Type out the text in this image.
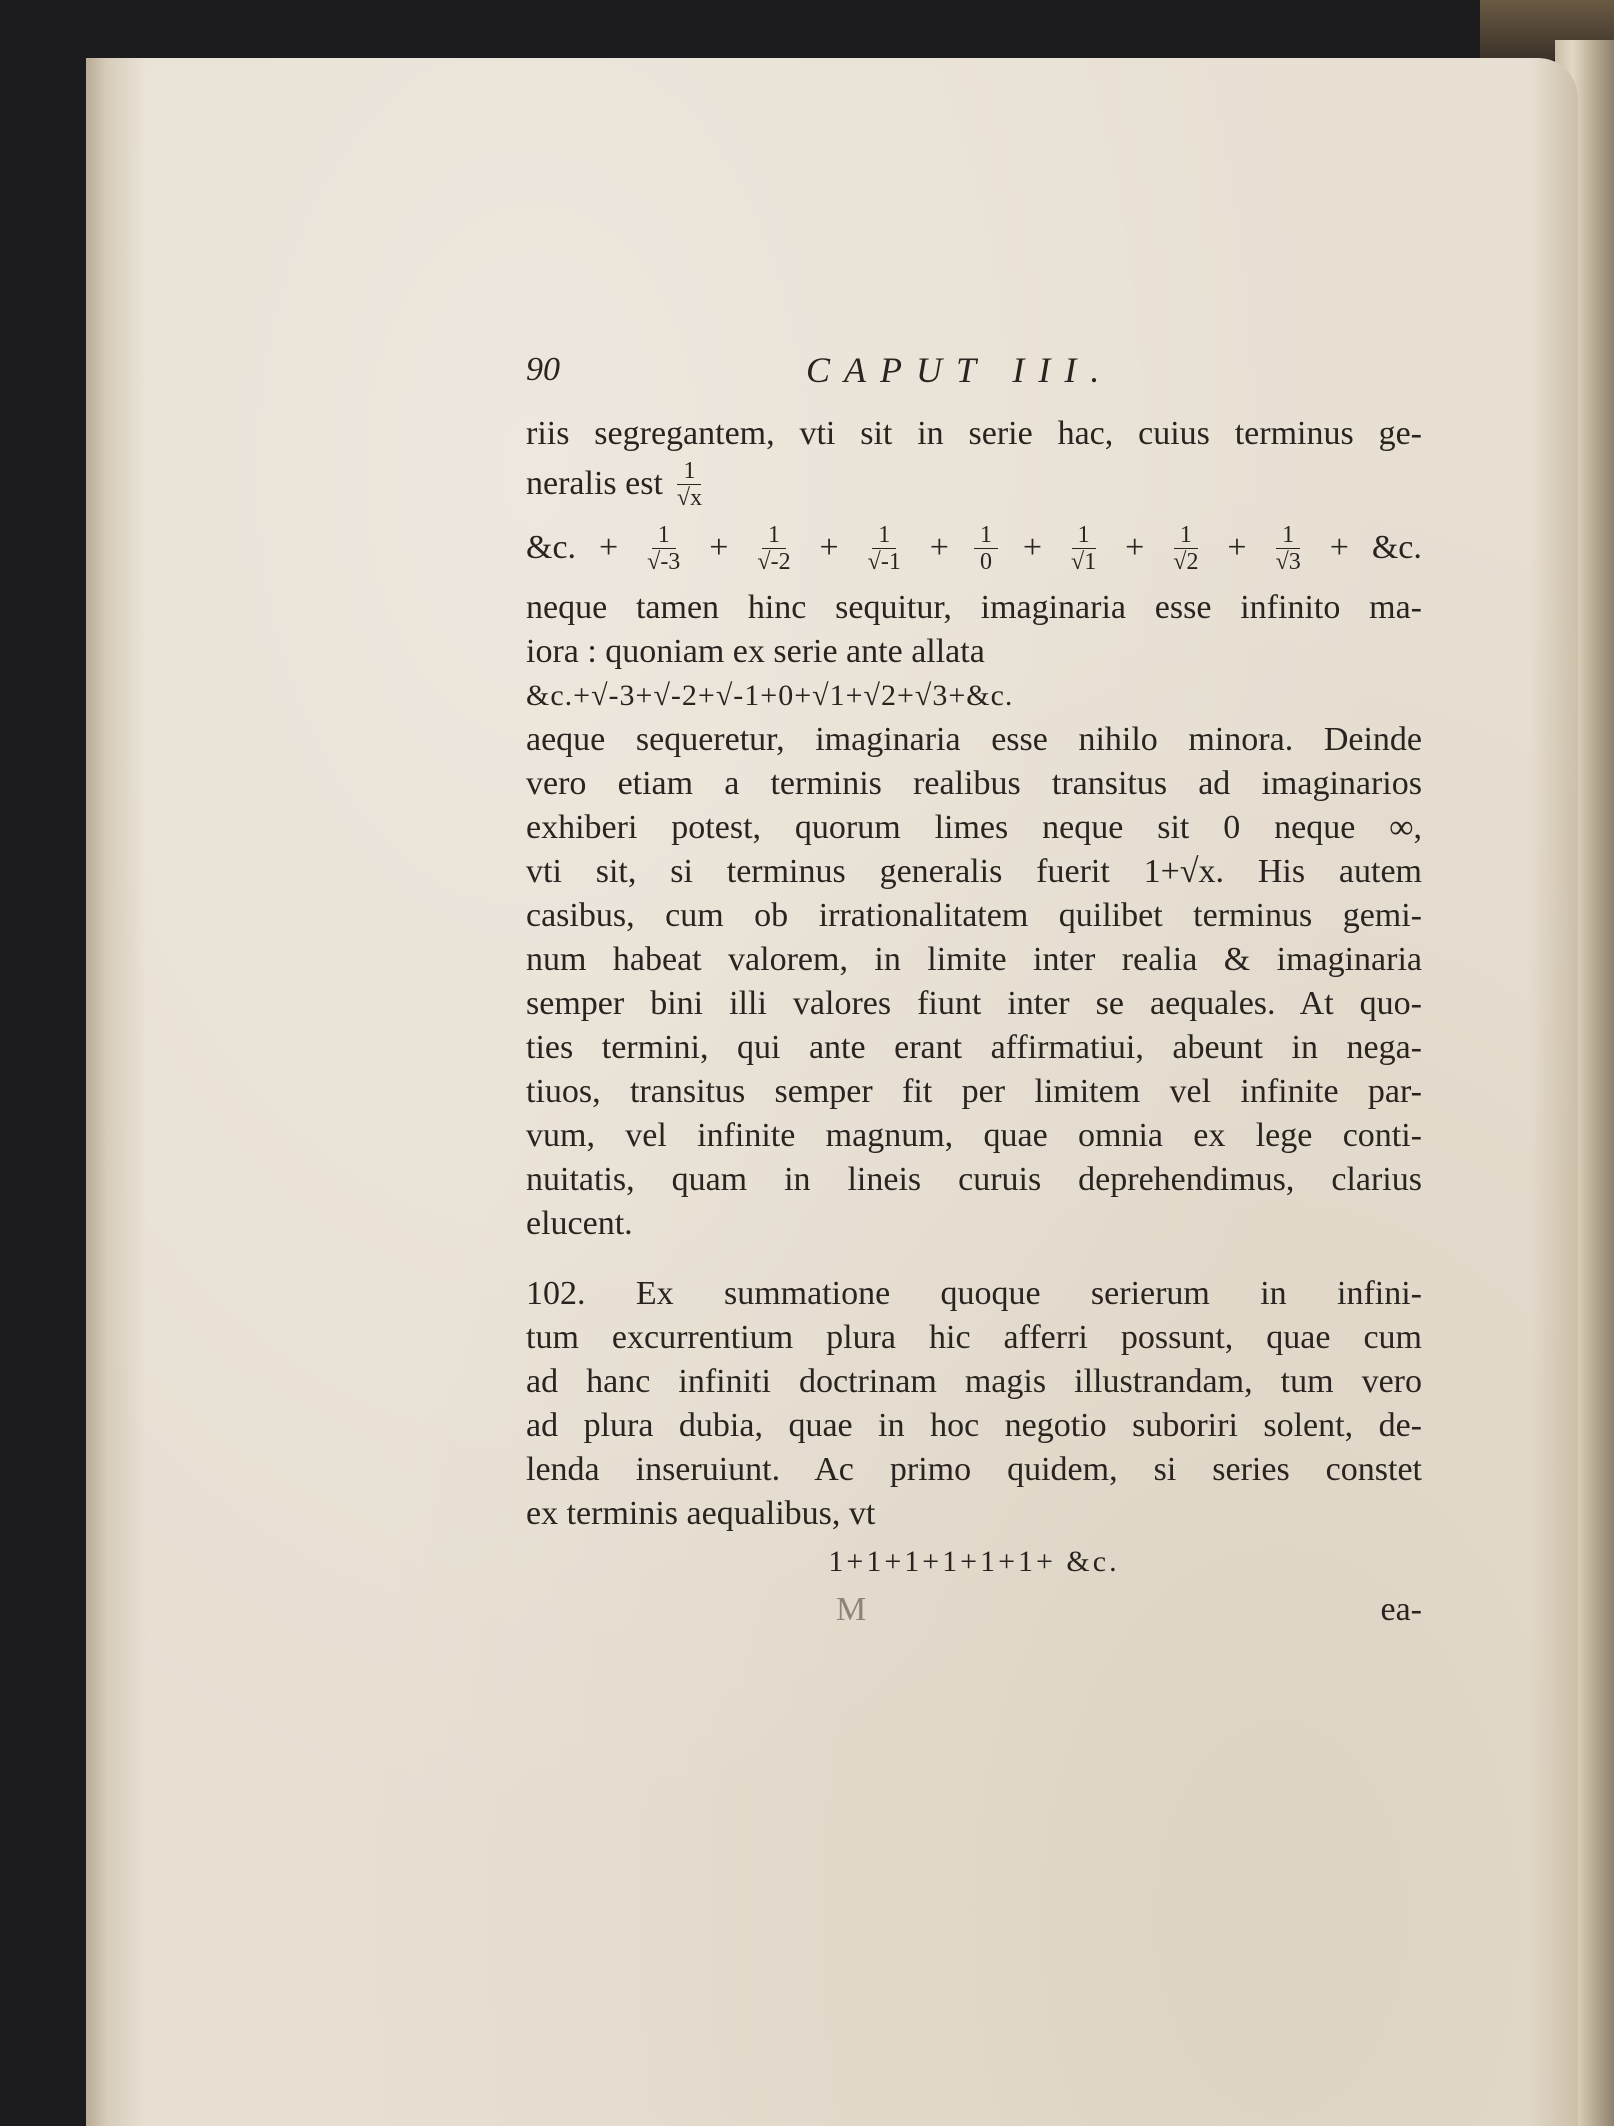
90	CAPUT III.
riis segregantem, vti sit in serie hac, cuius terminus ge-
neralis est $\frac{1}{√x}$
&c. + $\frac{1}{√-3} + \frac{1}{√-2} + \frac{1}{√-1} + \frac{1}{0} + \frac{1}{√1} + \frac{1}{√2} + \frac{1}{√3}$ + &c.
neque tamen hinc sequitur, imaginaria esse infinito ma-
iora : quoniam ex serie ante allata
&c.+√-3+√-2+√-1+0+√1+√2+√3+&c.
aeque sequeretur, imaginaria esse nihilo minora. Deinde
vero etiam a terminis realibus transitus ad imaginarios
exhiberi potest, quorum limes neque sit 0 neque ∞,
vti sit, si terminus generalis fuerit 1+√x. His autem
casibus, cum ob irrationalitatem quilibet terminus gemi-
num habeat valorem, in limite inter realia & imaginaria
semper bini illi valores fiunt inter se aequales. At quo-
ties termini, qui ante erant affirmatiui, abeunt in nega-
tiuos, transitus semper fit per limitem vel infinite par-
vum, vel infinite magnum, quae omnia ex lege conti-
nuitatis, quam in lineis curuis deprehendimus, clarius
elucent.
102. Ex summatione quoque serierum in infini-
tum excurrentium plura hic afferri possunt, quae cum
ad hanc infiniti doctrinam magis illustrandam, tum vero
ad plura dubia, quae in hoc negotio suboriri solent, de-
lenda inseruiunt. Ac primo quidem, si series constet
ex terminis aequalibus, vt
1+1+1+1+1+1+ &c.
M	ea-
